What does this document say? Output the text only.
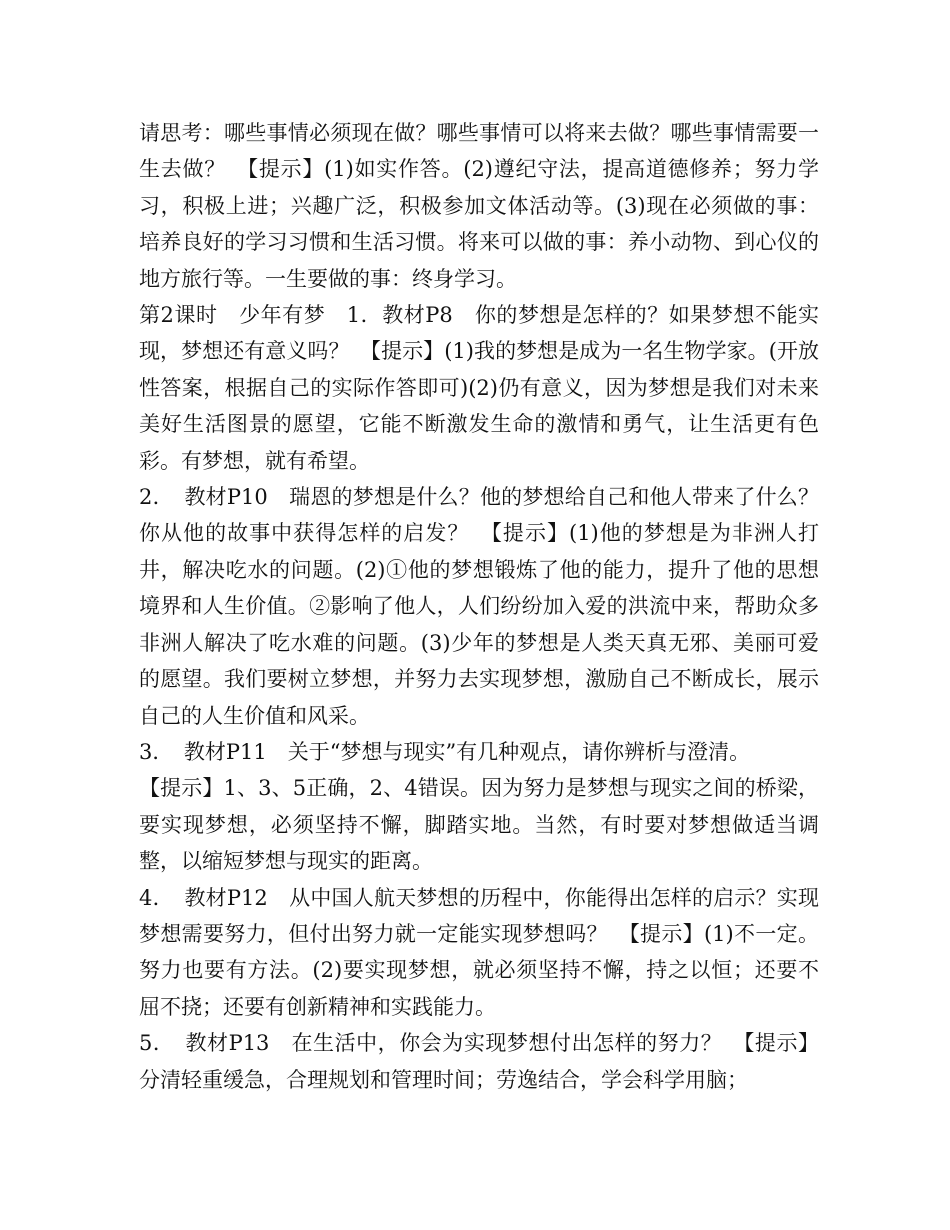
请思考：哪些事情必须现在做？哪些事情可以将来去做？哪些事情需要一生去做？　【提示】(1)如实作答。(2)遵纪守法，提高道德修养；努力学习，积极上进；兴趣广泛，积极参加文体活动等。(3)现在必须做的事：培养良好的学习习惯和生活习惯。将来可以做的事：养小动物、到心仪的地方旅行等。一生要做的事：终身学习。

第2课时　少年有梦　1．教材P8　你的梦想是怎样的？如果梦想不能实现，梦想还有意义吗？　【提示】(1)我的梦想是成为一名生物学家。(开放性答案，根据自己的实际作答即可)(2)仍有意义，因为梦想是我们对未来美好生活图景的愿望，它能不断激发生命的激情和勇气，让生活更有色彩。有梦想，就有希望。

2．　教材P10　瑞恩的梦想是什么？他的梦想给自己和他人带来了什么？你从他的故事中获得怎样的启发？　【提示】(1)他的梦想是为非洲人打井，解决吃水的问题。(2)①他的梦想锻炼了他的能力，提升了他的思想境界和人生价值。②影响了他人，人们纷纷加入爱的洪流中来，帮助众多非洲人解决了吃水难的问题。(3)少年的梦想是人类天真无邪、美丽可爱的愿望。我们要树立梦想，并努力去实现梦想，激励自己不断成长，展示自己的人生价值和风采。

3．　教材P11　关于“梦想与现实”有几种观点，请你辨析与澄清。

【提示】1、3、5正确，2、4错误。因为努力是梦想与现实之间的桥梁，要实现梦想，必须坚持不懈，脚踏实地。当然，有时要对梦想做适当调整，以缩短梦想与现实的距离。

4．　教材P12　从中国人航天梦想的历程中，你能得出怎样的启示？实现梦想需要努力，但付出努力就一定能实现梦想吗？　【提示】(1)不一定。努力也要有方法。(2)要实现梦想，就必须坚持不懈，持之以恒；还要不屈不挠；还要有创新精神和实践能力。

5．　教材P13　在生活中，你会为实现梦想付出怎样的努力？　【提示】分清轻重缓急，合理规划和管理时间；劳逸结合，学会科学用脑；
